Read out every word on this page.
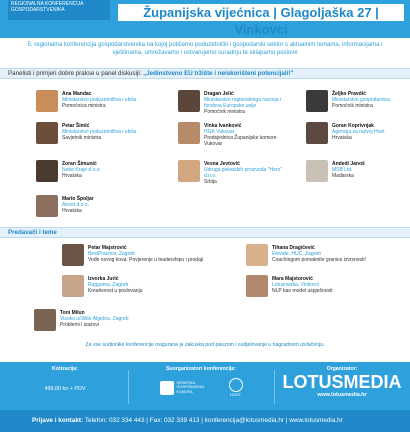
REGIONALNA KONFERENCIJA GOSPODARSTVENIKA	Županijska vijećnica | Glagoljaška 27 | Vinkovci
5. regionalna konferencija gospodarstvenika na kojoj potičemo poduzetnički i gospodarski sektor s aktualnim temama, informacijama i vještinama, umrežavamo i ostvarujemo suradnju te sklapamo poslove
Panelisti i primjeri dobre prakse u panel diskusiji: „Jedinstveno EU tržište i neiskorišteni potencijali!"
Ana Mandac
Ministarstvo poduzetništva i obrta
Pomoćnica ministra
Petar Šimić
Ministarstvo poduzetništva i obrta
Savjetnik ministra
Zoran Šimunić
Nobe Kraje d.o.o.
Hrvatska
Mario Špoljar
Akord d.o.o.
Hrvatska
Dragan Jelić
Ministarstvo regionalnoga razvoja i fondova Europske unije
Pomoćnik ministra
Vinka Ivanković
HGK Vukovar
Predsjednica Županijske komore Vukovar
Vesna Jevtović
Udruga pekarskih proizvoda "Hero" d.o.o.
Srbija
Željko Pravdić
Ministarstvo gospodarstva
Pomoćnik ministra
Goran Koprivnjak
Agencija za razvoj Hoet
Hrvatska
Andedi Janoš
MSB Ltd.
Mađarska
Predavači i teme
Petar Majstrović
BestPractice, Zagreb
Vođe novog kova: Povjerenje u leadershipu i prodaji
Izvorka Jurić
Raggama, Zagreb
Kreativnost u poslovanju
Toni Milun
Visoko učilište Algebra, Zagreb
Problemi i izazovi
Tihana Dragičević
Elevate, HUC, Zagreb
Coachingom pomaknite granice izvrsnosti!
Mara Majstorović
Lotusmedia, Vinkovci
NLP kao model uspješnosti
Za vse sudionike konferencije osigurana je zakuska pod pauzom i sudjelovanje u nagradnom izvlačenju.
Kotizacija:
499,00 kn + PDV
Suorganizatori konferencije:
HRVATSKA GOSPODARSKA KOMORA
HOST
Organizator:
LOTUSMEDIA
www.lotusmedia.hr
Prijave i kontakt: Telefon: 032 334 443 | Fax: 032 339 413 | konferencija@lotusmedia.hr | www.lotusmedia.hr
